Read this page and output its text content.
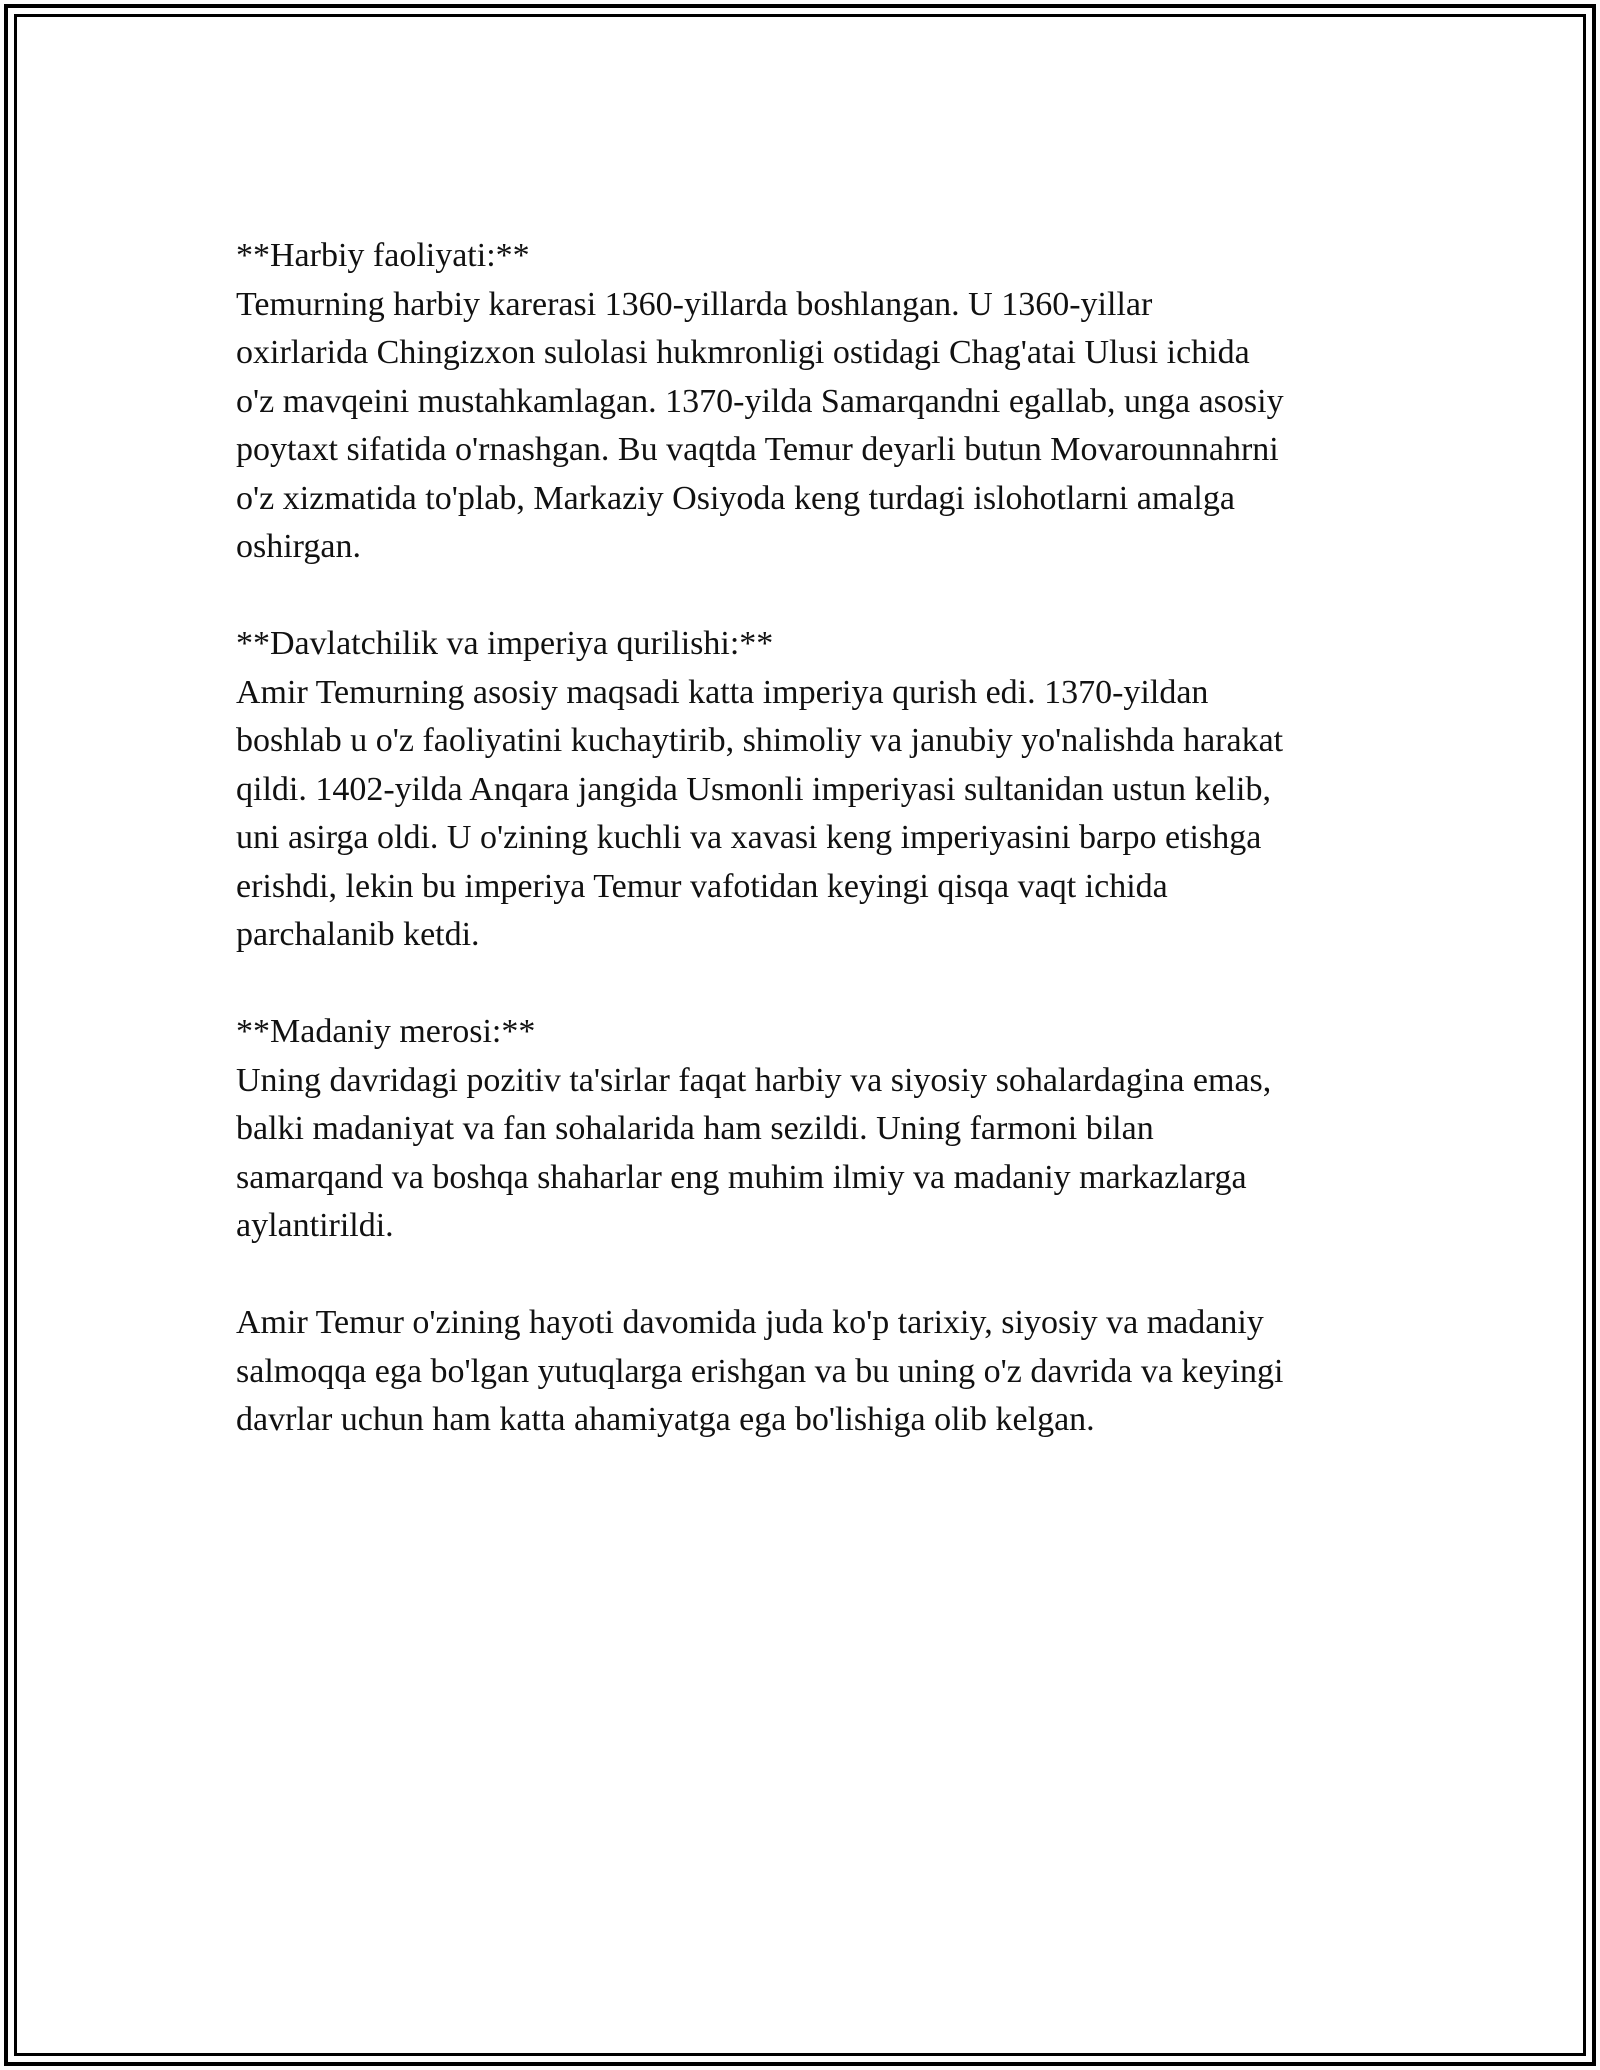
**Harbiy faoliyati:**
Temurning harbiy karerasi 1360-yillarda boshlangan. U 1360-yillar
oxirlarida Chingizxon sulolasi hukmronligi ostidagi Chag'atai Ulusi ichida
o'z mavqeini mustahkamlagan. 1370-yilda Samarqandni egallab, unga asosiy
poytaxt sifatida o'rnashgan. Bu vaqtda Temur deyarli butun Movarounnahrni
o'z xizmatida to'plab, Markaziy Osiyoda keng turdagi islohotlarni amalga
oshirgan.
**Davlatchilik va imperiya qurilishi:**
Amir Temurning asosiy maqsadi katta imperiya qurish edi. 1370-yildan
boshlab u o'z faoliyatini kuchaytirib, shimoliy va janubiy yo'nalishda harakat
qildi. 1402-yilda Anqara jangida Usmonli imperiyasi sultanidan ustun kelib,
uni asirga oldi. U o'zining kuchli va xavasi keng imperiyasini barpo etishga
erishdi, lekin bu imperiya Temur vafotidan keyingi qisqa vaqt ichida
parchalanib ketdi.
**Madaniy merosi:**
Uning davridagi pozitiv ta'sirlar faqat harbiy va siyosiy sohalardagina emas,
balki madaniyat va fan sohalarida ham sezildi. Uning farmoni bilan
samarqand va boshqa shaharlar eng muhim ilmiy va madaniy markazlarga
aylantirildi.
Amir Temur o'zining hayoti davomida juda ko'p tarixiy, siyosiy va madaniy
salmoqqa ega bo'lgan yutuqlarga erishgan va bu uning o'z davrida va keyingi
davrlar uchun ham katta ahamiyatga ega bo'lishiga olib kelgan.
